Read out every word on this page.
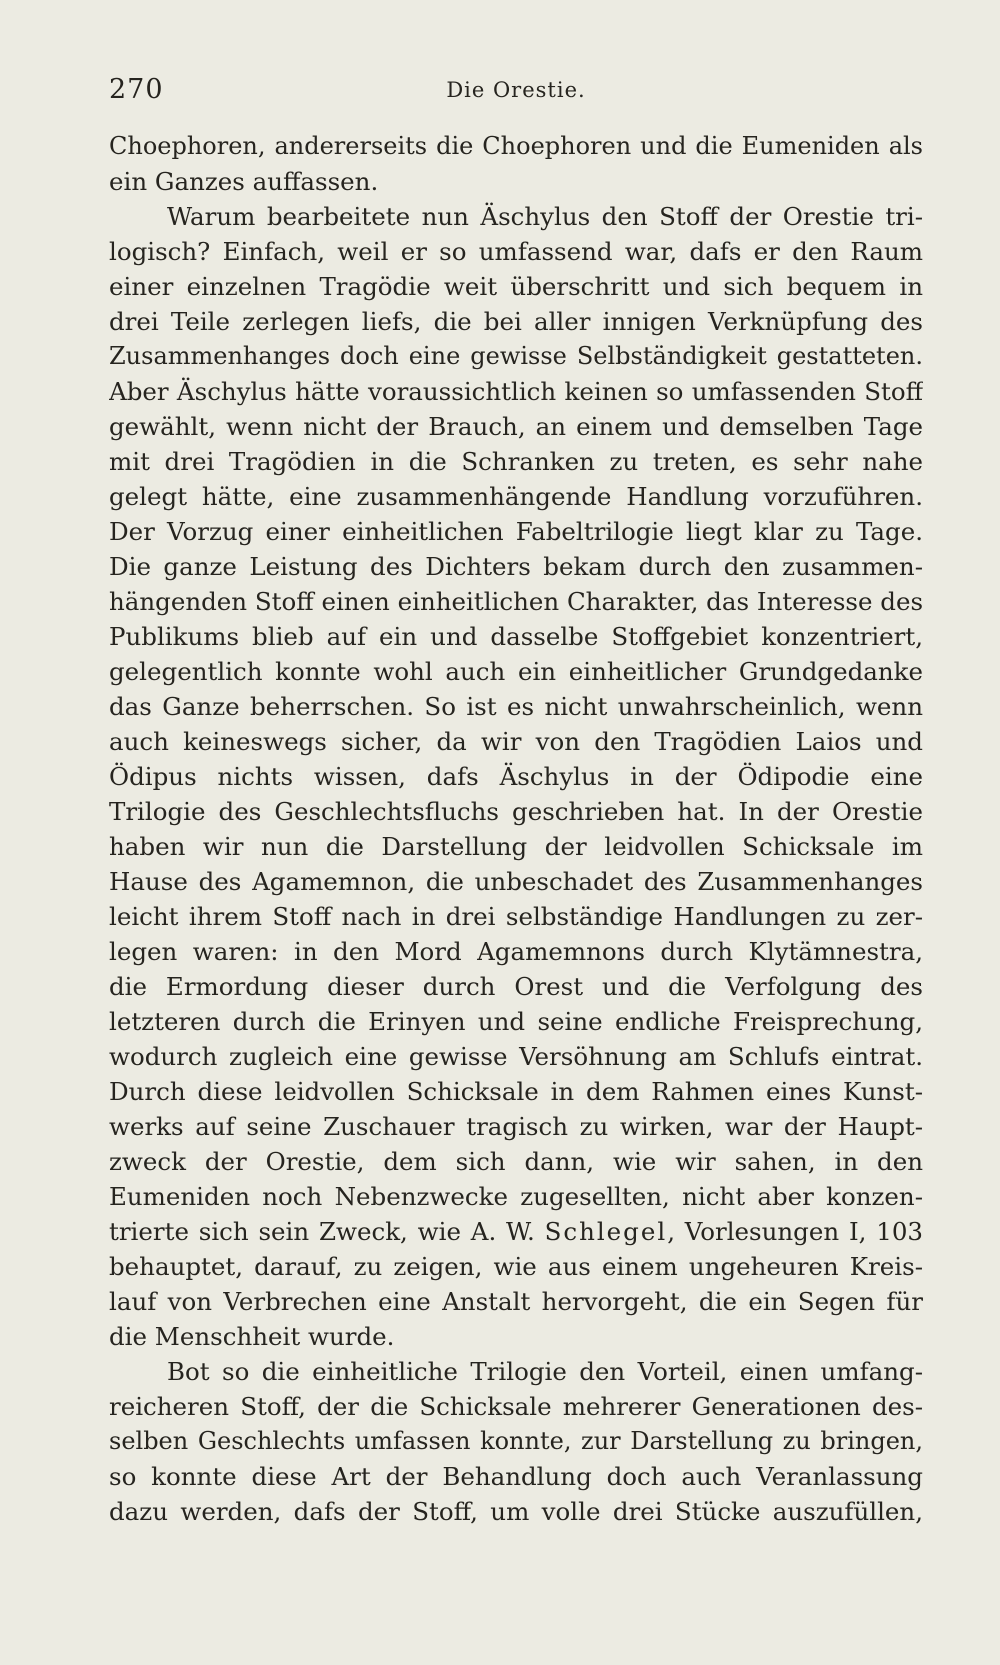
270	Die Orestie.
Choephoren, andererseits die Choephoren und die Eumeniden als
ein Ganzes auffassen.
Warum bearbeitete nun Äschylus den Stoff der Orestie tri-
logisch? Einfach, weil er so umfassend war, dafs er den Raum
einer einzelnen Tragödie weit überschritt und sich bequem in
drei Teile zerlegen liefs, die bei aller innigen Verknüpfung des
Zusammenhanges doch eine gewisse Selbständigkeit gestatteten.
Aber Äschylus hätte voraussichtlich keinen so umfassenden Stoff
gewählt, wenn nicht der Brauch, an einem und demselben Tage
mit drei Tragödien in die Schranken zu treten, es sehr nahe
gelegt hätte, eine zusammenhängende Handlung vorzuführen.
Der Vorzug einer einheitlichen Fabeltrilogie liegt klar zu Tage.
Die ganze Leistung des Dichters bekam durch den zusammen-
hängenden Stoff einen einheitlichen Charakter, das Interesse des
Publikums blieb auf ein und dasselbe Stoffgebiet konzentriert,
gelegentlich konnte wohl auch ein einheitlicher Grundgedanke
das Ganze beherrschen. So ist es nicht unwahrscheinlich, wenn
auch keineswegs sicher, da wir von den Tragödien Laios und
Ödipus nichts wissen, dafs Äschylus in der Ödipodie eine
Trilogie des Geschlechtsfluchs geschrieben hat. In der Orestie
haben wir nun die Darstellung der leidvollen Schicksale im
Hause des Agamemnon, die unbeschadet des Zusammenhanges
leicht ihrem Stoff nach in drei selbständige Handlungen zu zer-
legen waren: in den Mord Agamemnons durch Klytämnestra,
die Ermordung dieser durch Orest und die Verfolgung des
letzteren durch die Erinyen und seine endliche Freisprechung,
wodurch zugleich eine gewisse Versöhnung am Schlufs eintrat.
Durch diese leidvollen Schicksale in dem Rahmen eines Kunst-
werks auf seine Zuschauer tragisch zu wirken, war der Haupt-
zweck der Orestie, dem sich dann, wie wir sahen, in den
Eumeniden noch Nebenzwecke zugesellten, nicht aber konzen-
trierte sich sein Zweck, wie A. W. Schlegel, Vorlesungen I, 103
behauptet, darauf, zu zeigen, wie aus einem ungeheuren Kreis-
lauf von Verbrechen eine Anstalt hervorgeht, die ein Segen für
die Menschheit wurde.
Bot so die einheitliche Trilogie den Vorteil, einen umfang-
reicheren Stoff, der die Schicksale mehrerer Generationen des-
selben Geschlechts umfassen konnte, zur Darstellung zu bringen,
so konnte diese Art der Behandlung doch auch Veranlassung
dazu werden, dafs der Stoff, um volle drei Stücke auszufüllen,
